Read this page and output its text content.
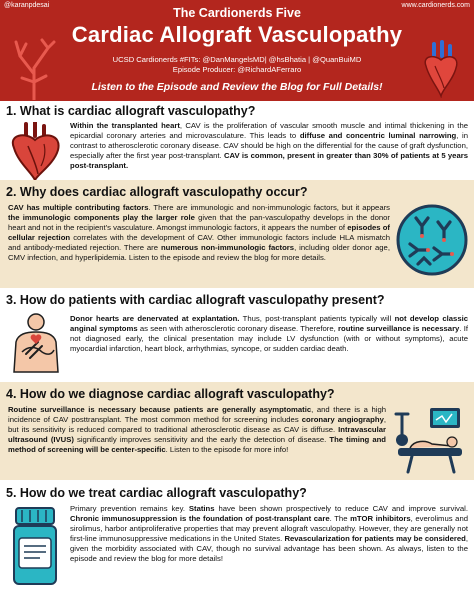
@karanpdesai	www.cardionerds.com
The Cardionerds Five
Cardiac Allograft Vasculopathy
UCSD Cardionerds #FITs: @DanMangelsMD| @hsBhatia | @QuanBuiMD
Episode Producer: @RichardAFerraro
Listen to the Episode and Review the Blog for Full Details!
1. What is cardiac allograft vasculopathy?
Within the transplanted heart, CAV is the proliferation of vascular smooth muscle and intimal thickening in the epicardial coronary arteries and microvasculature. This leads to diffuse and concentric luminal narrowing, in contrast to atherosclerotic coronary disease. CAV should be high on the differential for the cause of graft dysfunction, especially after the first year post-transplant. CAV is common, present in greater than 30% of patients at 5 years post-transplant.
2. Why does cardiac allograft vasculopathy occur?
CAV has multiple contributing factors. There are immunologic and non-immunologic factors, but it appears the immunologic components play the larger role given that the pan-vasculopathy develops in the donor heart and not in the recipient's vasculature. Amongst immunologic factors, it appears the number of episodes of cellular rejection correlates with the development of CAV. Other immunologic factors include HLA mismatch and antibody-mediated rejection. There are numerous non-immunologic factors, including older donor age, CMV infection, and hyperlipidemia. Listen to the episode and review the blog for more details.
3. How do patients with cardiac allograft vasculopathy present?
Donor hearts are denervated at explantation. Thus, post-transplant patients typically will not develop classic anginal symptoms as seen with atherosclerotic coronary disease. Therefore, routine surveillance is necessary. If not diagnosed early, the clinical presentation may include LV dysfunction (with or without symptoms), acute myocardial infarction, heart block, arrhythmias, syncope, or sudden cardiac death.
4. How do we diagnose cardiac allograft vasculopathy?
Routine surveillance is necessary because patients are generally asymptomatic, and there is a high incidence of CAV posttransplant. The most common method for screening includes coronary angiography, but its sensitivity is reduced compared to traditional atherosclerotic disease as CAV is diffuse. Intravascular ultrasound (IVUS) significantly improves sensitivity and the early the detection of disease. The timing and method of screening will be center-specific. Listen to the episode for more info!
5. How do we treat cardiac allograft vasculopathy?
Primary prevention remains key. Statins have been shown prospectively to reduce CAV and improve survival. Chronic immunosuppression is the foundation of post-transplant care. The mTOR inhibitors, everolimus and sirolimus, harbor antiproliferative properties that may prevent allograft vasculopathy. However, they are generally not first-line immunosuppressive medications in the United States. Revascularization for patients may be considered, given the morbidity associated with CAV, though no survival advantage has been shown. As always, listen to the episode and review the blog for more details!
